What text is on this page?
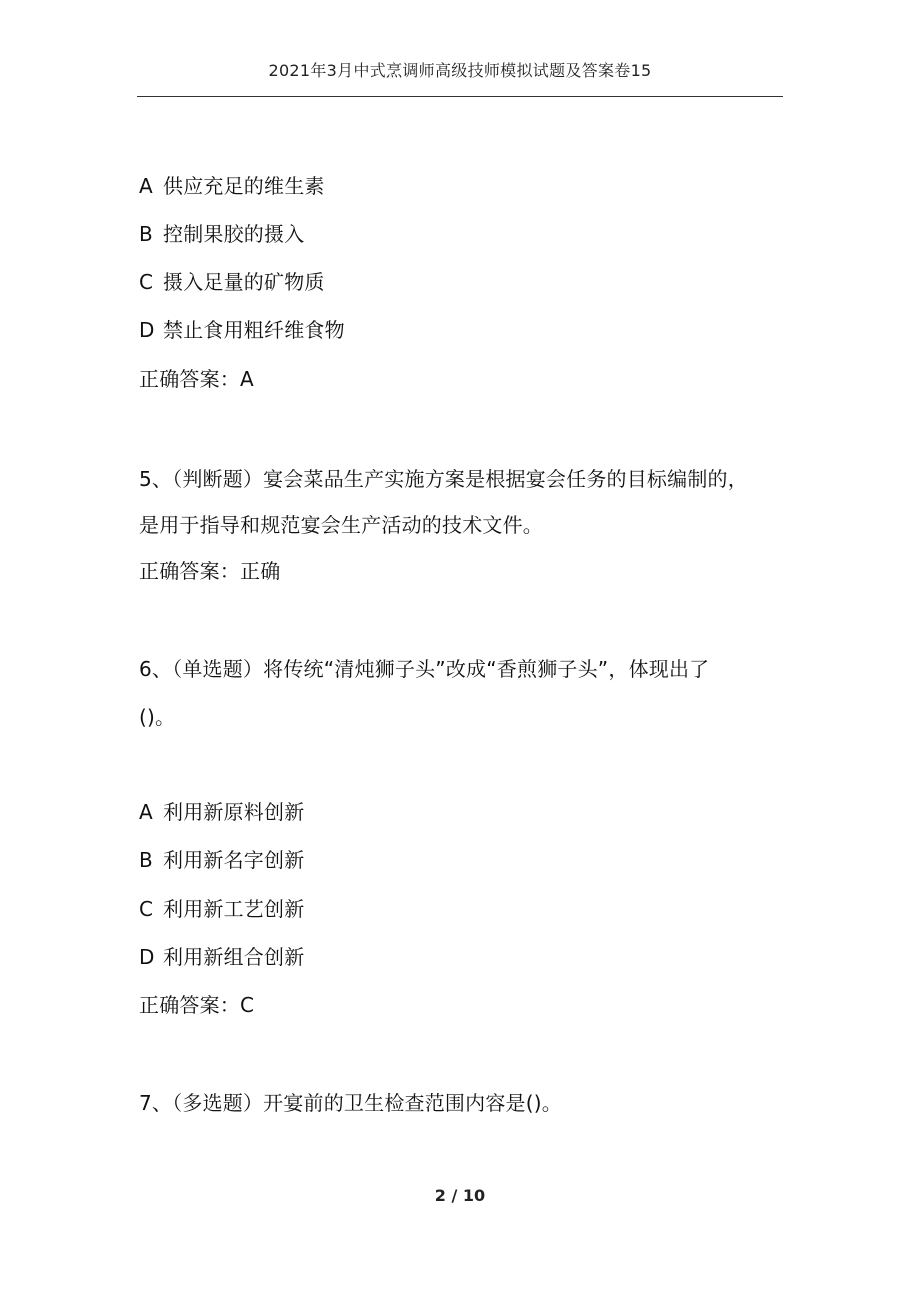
2021年3月中式烹调师高级技师模拟试题及答案卷15
A 供应充足的维生素
B 控制果胶的摄入
C 摄入足量的矿物质
D 禁止食用粗纤维食物
正确答案：A
5、（判断题）宴会菜品生产实施方案是根据宴会任务的目标编制的，
是用于指导和规范宴会生产活动的技术文件。
正确答案：正确
6、（单选题）将传统“清炖狮子头”改成“香煎狮子头”，体现出了
()。
A 利用新原料创新
B 利用新名字创新
C 利用新工艺创新
D 利用新组合创新
正确答案：C
7、（多选题）开宴前的卫生检查范围内容是()。
2 / 10
